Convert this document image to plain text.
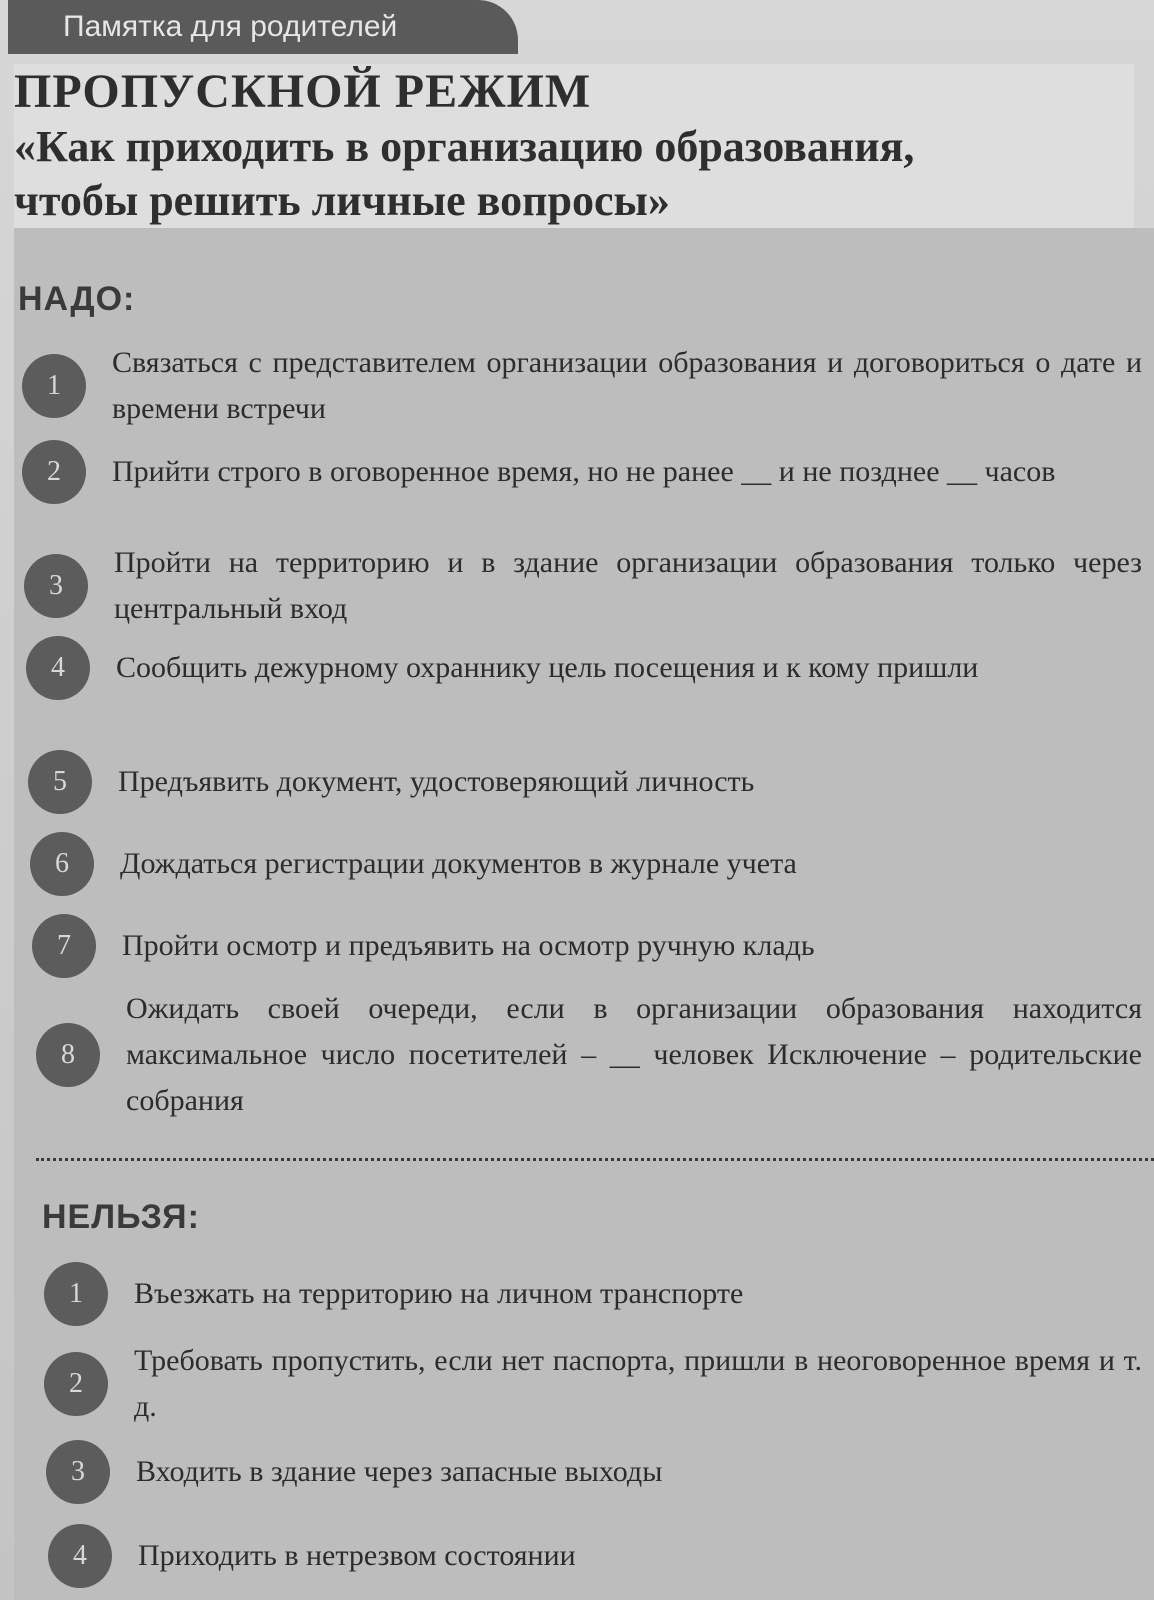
Памятка для родителей
ПРОПУСКНОЙ РЕЖИМ
«Как приходить в организацию образования,
чтобы решить личные вопросы»
НАДО:
1
Связаться с представителем организации образования и договориться о дате и времени встречи
2	Прийти строго в оговоренное время, но не ранее __ и не позднее __ часов
3
Пройти на территорию и в здание организации образования только через центральный вход
4	Сообщить дежурному охраннику цель посещения и к кому пришли
5	Предъявить документ, удостоверяющий личность
6	Дождаться регистрации документов в журнале учета
7	Пройти осмотр и предъявить на осмотр ручную кладь
8
Ожидать своей очереди, если в организации образования находится максимальное число посетителей – __ человек Исключение – родительские собрания
НЕЛЬЗЯ:
1	Въезжать на территорию на личном транспорте
2
Требовать пропустить, если нет паспорта, пришли в неоговоренное время и т. д.
3	Входить в здание через запасные выходы
4	Приходить в нетрезвом состоянии
